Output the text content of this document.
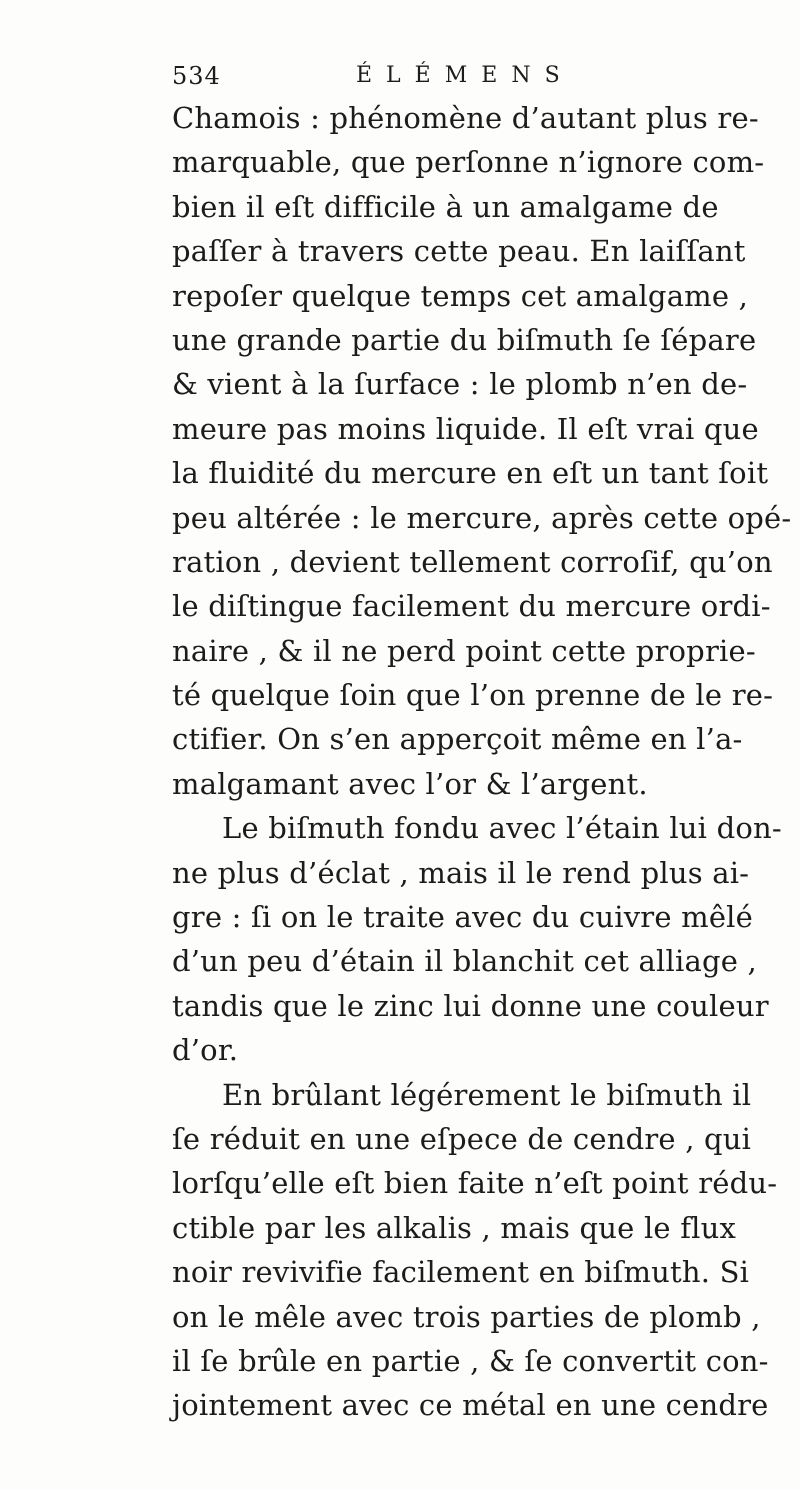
534	ÉLÉMENS
Chamois : phénomène d’autant plus re-
marquable, que perſonne n’ignore com-
bien il eſt difficile à un amalgame de
paſſer à travers cette peau. En laiſſant
repoſer quelque temps cet amalgame ,
une grande partie du biſmuth ſe ſépare
& vient à la ſurface : le plomb n’en de-
meure pas moins liquide. Il eſt vrai que
la fluidité du mercure en eſt un tant ſoit
peu altérée : le mercure, après cette opé-
ration , devient tellement corroſif, qu’on
le diſtingue facilement du mercure ordi-
naire , & il ne perd point cette proprie-
té quelque ſoin que l’on prenne de le re-
ctifier. On s’en apperçoit même en l’a-
malgamant avec l’or & l’argent.
Le biſmuth fondu avec l’étain lui don-
ne plus d’éclat , mais il le rend plus ai-
gre : ſi on le traite avec du cuivre mêlé
d’un peu d’étain il blanchit cet alliage ,
tandis que le zinc lui donne une couleur
d’or.
En brûlant légérement le biſmuth il
ſe réduit en une eſpece de cendre , qui
lorſqu’elle eſt bien faite n’eſt point rédu-
ctible par les alkalis , mais que le flux
noir revivifie facilement en biſmuth. Si
on le mêle avec trois parties de plomb ,
il ſe brûle en partie , & ſe convertit con-
jointement avec ce métal en une cendre
